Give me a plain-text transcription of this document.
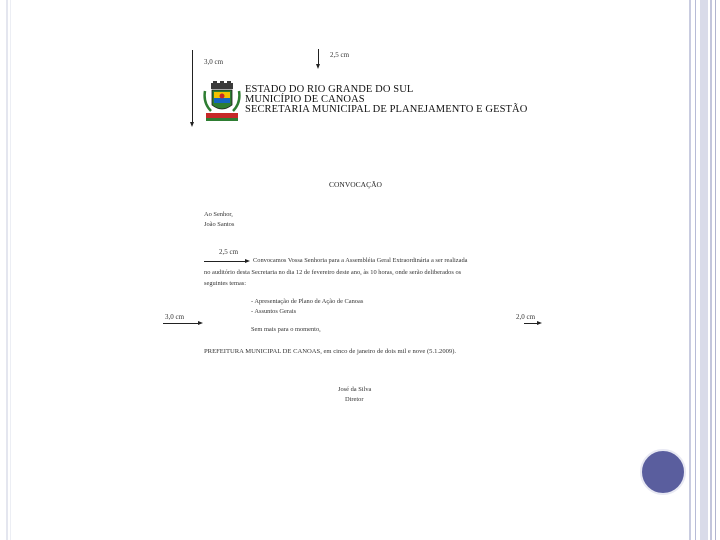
2,5 cm
3,0 cm
ESTADO DO RIO GRANDE DO SUL
MUNICÍPIO DE CANOAS
SECRETARIA MUNICIPAL DE PLANEJAMENTO E GESTÃO
CONVOCAÇÃO
Ao Senhor,
João Santos
2,5 cm
Convocamos Vossa Senhoria para a Assembléia Geral Extraordinária a ser realizada
no auditório desta Secretaria no dia 12 de fevereiro deste ano, às 10 horas, onde serão deliberados os
seguintes temas:
- Apresentação de Plano de Ação de Canoas
- Assuntos Gerais
3,0 cm	2,0 cm
Sem mais para o momento,
PREFEITURA MUNICIPAL DE CANOAS, em cinco de janeiro de dois mil e nove (5.1.2009).
José da Silva
Diretor
